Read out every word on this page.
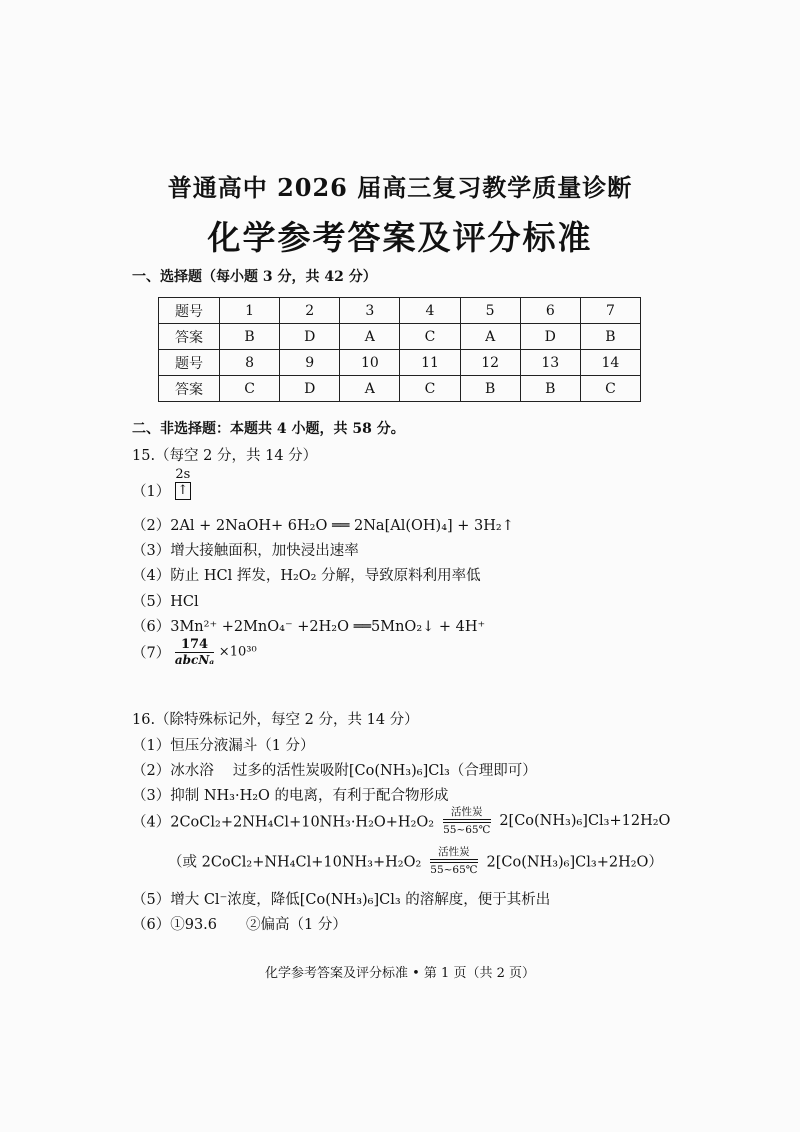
普通高中 2026 届高三复习教学质量诊断
化学参考答案及评分标准
一、选择题（每小题 3 分，共 42 分）
题号	1	2	3	4	5	6	7
答案	B	D	A	C	A	D	B
题号	8	9	10	11	12	13	14
答案	C	D	A	C	B	B	C
二、非选择题：本题共 4 小题，共 58 分。
15.（每空 2 分，共 14 分）
（1）
2s
↑
（2）2Al + 2NaOH+ 6H₂O ══ 2Na[Al(OH)₄] + 3H₂↑
（3）增大接触面积，加快浸出速率
（4）防止 HCl 挥发，H₂O₂ 分解，导致原料利用率低
（5）HCl
（6）3Mn²⁺ +2MnO₄⁻ +2H₂O ══5MnO₂↓ + 4H⁺
$(7) \frac{174}{\text{abcNₐ}} \times 10^{30}$
16.（除特殊标记外，每空 2 分，共 14 分）
（1）恒压分液漏斗（1 分）
（2）冰水浴　 过多的活性炭吸附[Co(NH₃)₆]Cl₃（合理即可）
（3）抑制 NH₃·H₂O 的电离，有利于配合物形成
（4）2CoCl₂+2NH₄Cl+10NH₃·H₂O+H₂O₂
活性炭
55~65℃
2[Co(NH₃)₆]Cl₃+12H₂O
（或 2CoCl₂+NH₄Cl+10NH₃+H₂O₂
活性炭
55~65℃ 2[Co(NH₃)₆]Cl₃+2H₂O）
（5）增大 Cl⁻浓度，降低[Co(NH₃)₆]Cl₃ 的溶解度，便于其析出
（6）①93.6　　②偏高（1 分）
化学参考答案及评分标准 • 第 1 页（共 2 页）
